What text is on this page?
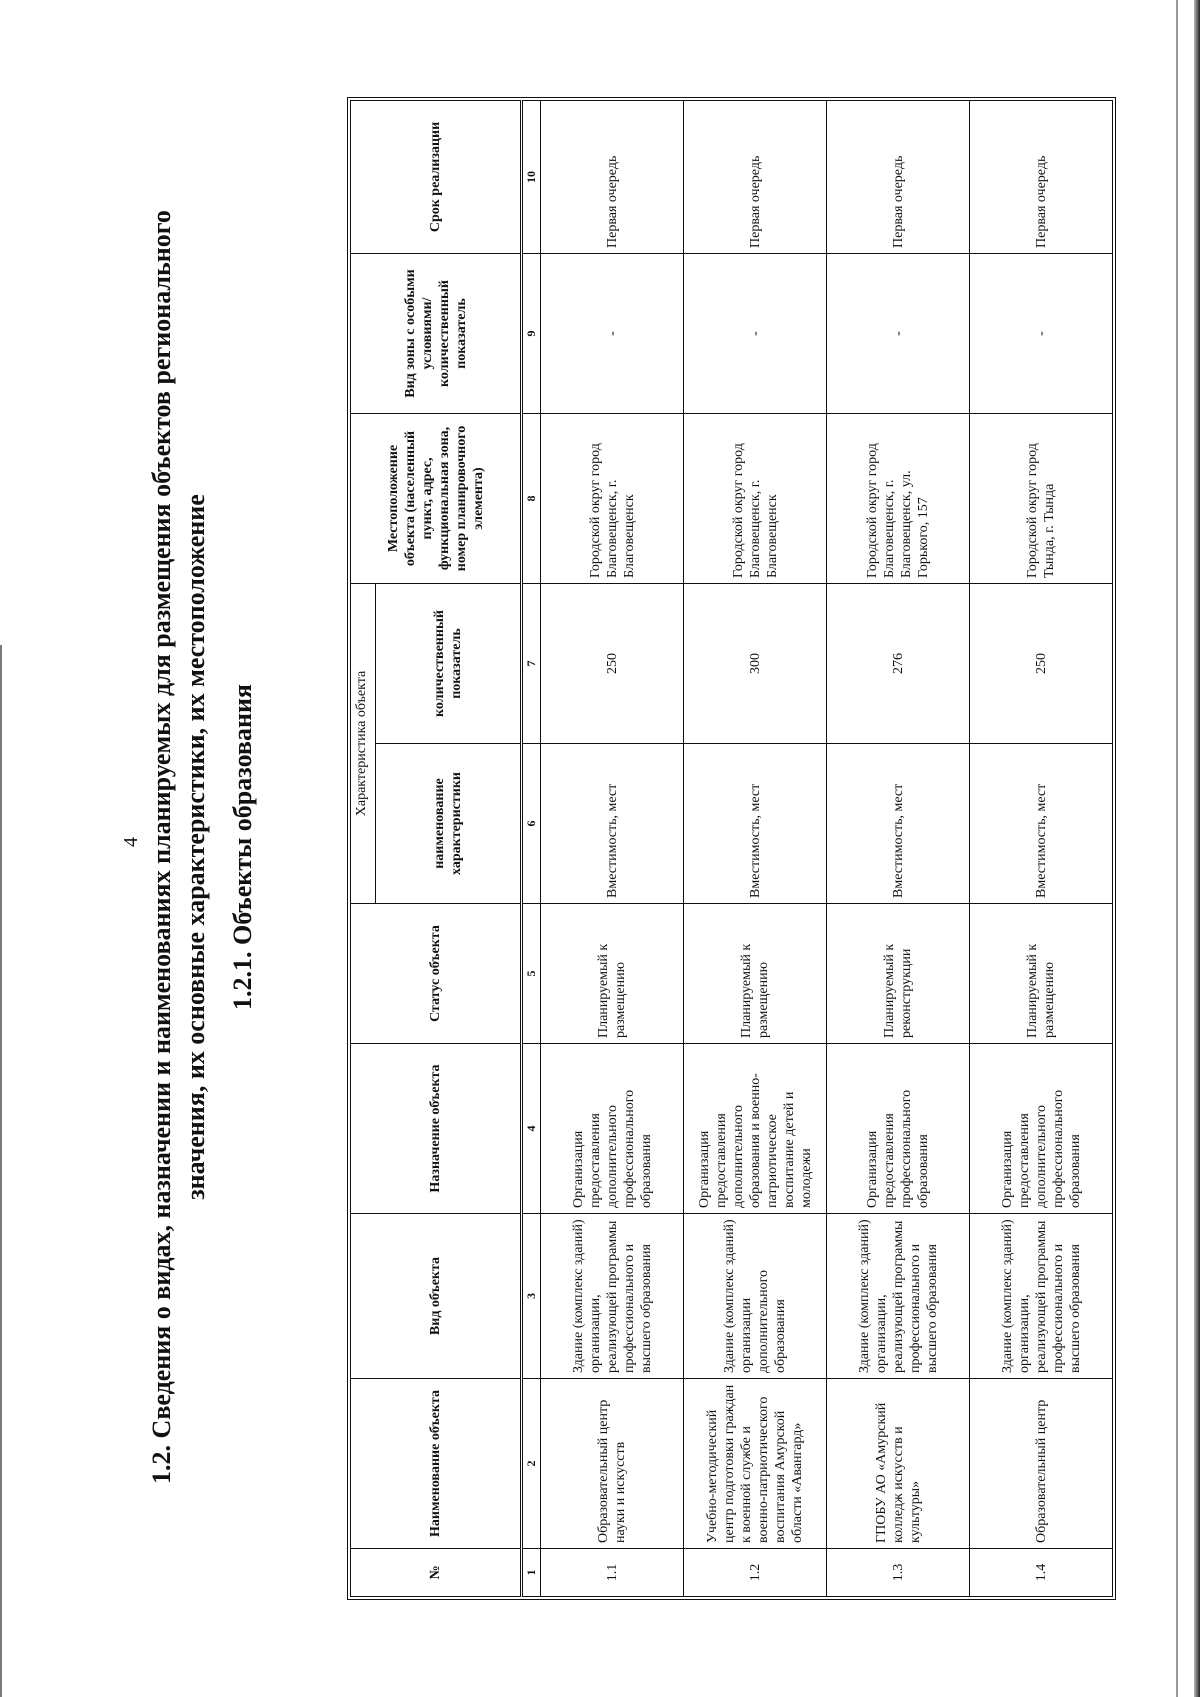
4 1.2. Сведения о видах, назначении и наименованиях планируемых для размещения объектов регионального значения, их основные характеристики, их местоположение 1.2.1. Объекты образования
№	Наименование объекта	Вид объекта	Назначение объекта	Статус объекта	Характеристика объекта		Местоположение объекта (населенный пункт, адрес, функциональная зона, номер планировочного элемента)	Вид зоны с особыми условиями/ количественный показатель	Срок реализации
					наименование характеристики	количественный показатель			

1	2	3	4	5	6	7	8	9	10
1.1	Образовательный центр науки и искусств	Здание (комплекс зданий) организации, реализующей программы профессионального и высшего образования	Организация предоставления дополнительного профессионального образования	Планируемый к размещению	Вместимость, мест	250	Городской округ город Благовещенск, г. Благовещенск	-	Первая очередь
1.2	Учебно-методический центр подготовки граждан к военной службе и военно-патриотического воспитания Амурской области «Авангард»	Здание (комплекс зданий) организации дополнительного образования	Организация предоставления дополнительного образования и военно-патриотическое воспитание детей и молодежи	Планируемый к размещению	Вместимость, мест	300	Городской округ город Благовещенск, г. Благовещенск	-	Первая очередь
1.3	ГПОБУ АО «Амурский колледж искусств и культуры»	Здание (комплекс зданий) организации, реализующей программы профессионального и высшего образования	Организация предоставления профессионального образования	Планируемый к реконструкции	Вместимость, мест	276	Городской округ город Благовещенск, г. Благовещенск, ул. Горького, 157	-	Первая очередь
1.4	Образовательный центр	Здание (комплекс зданий) организации, реализующей программы профессионального и высшего образования	Организация предоставления дополнительного профессионального образования	Планируемый к размещению	Вместимость, мест	250	Городской округ город Тында, г. Тында	-	Первая очередь
